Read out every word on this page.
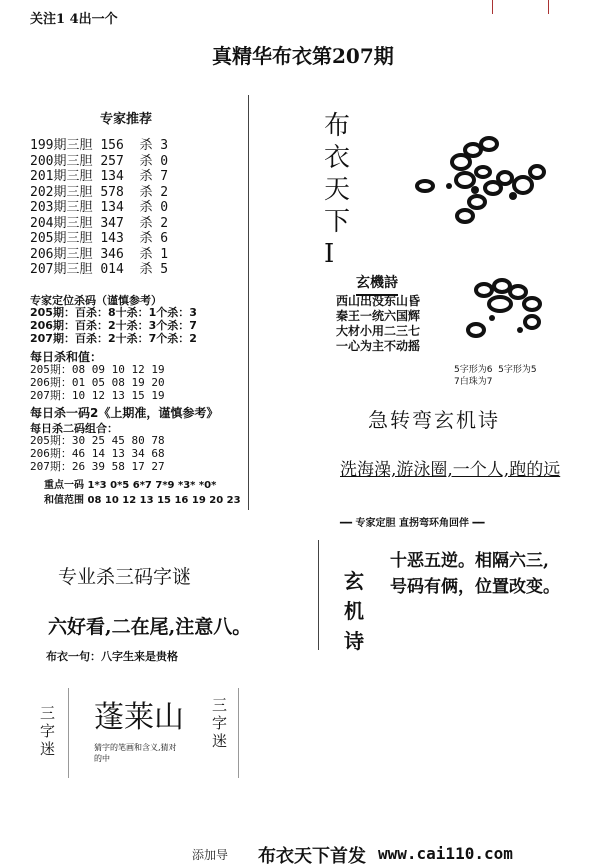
关注1 4出一个
真精华布衣第207期
专家推荐
199期三胆 156 杀 3
200期三胆 257 杀 0
201期三胆 134 杀 7
202期三胆 578 杀 2
203期三胆 134 杀 0
204期三胆 347 杀 2
205期三胆 143 杀 6
206期三胆 346 杀 1
207期三胆 014 杀 5
专家定位杀码（谨慎参考）
205期：百杀：8十杀：1个杀：3
206期：百杀：2十杀：3个杀：7
207期：百杀：2十杀：7个杀：2
每日杀和值：
205期：08 09 10 12 19
206期：01 05 08 19 20
207期：10 12 13 15 19
每日杀一码2《上期准，谨慎参考》
每日杀二码组合：
205期：30 25 45 80 78
206期：46 14 13 34 68
207期：26 39 58 17 27
重点一码 1*3 0*5 6*7 7*9 *3* *0*
和值范围 08 10 12 13 15 16 19 20 23
专业杀三码字谜
六好看,二在尾,注意八。
布衣一句：八字生来是贵格
三字迷
三字迷
蓬莱山
猜字的笔画和含义,猜对的中
布
衣
天
下
I
玄機詩
西山出没东山昏
秦王一统六国辉
大材小用二三七
一心为主不动摇
5字形为6  5字形为5
7白珠为7
急转弯玄机诗
洗海澡,游泳圈,一个人,跑的远
━━ 专家定胆 直拐弯环角回伴 ━━
玄
机
诗
十恶五逆。相隔六三,
号码有俩，位置改变。
添加导 布衣天下首发 www.cai110.com
